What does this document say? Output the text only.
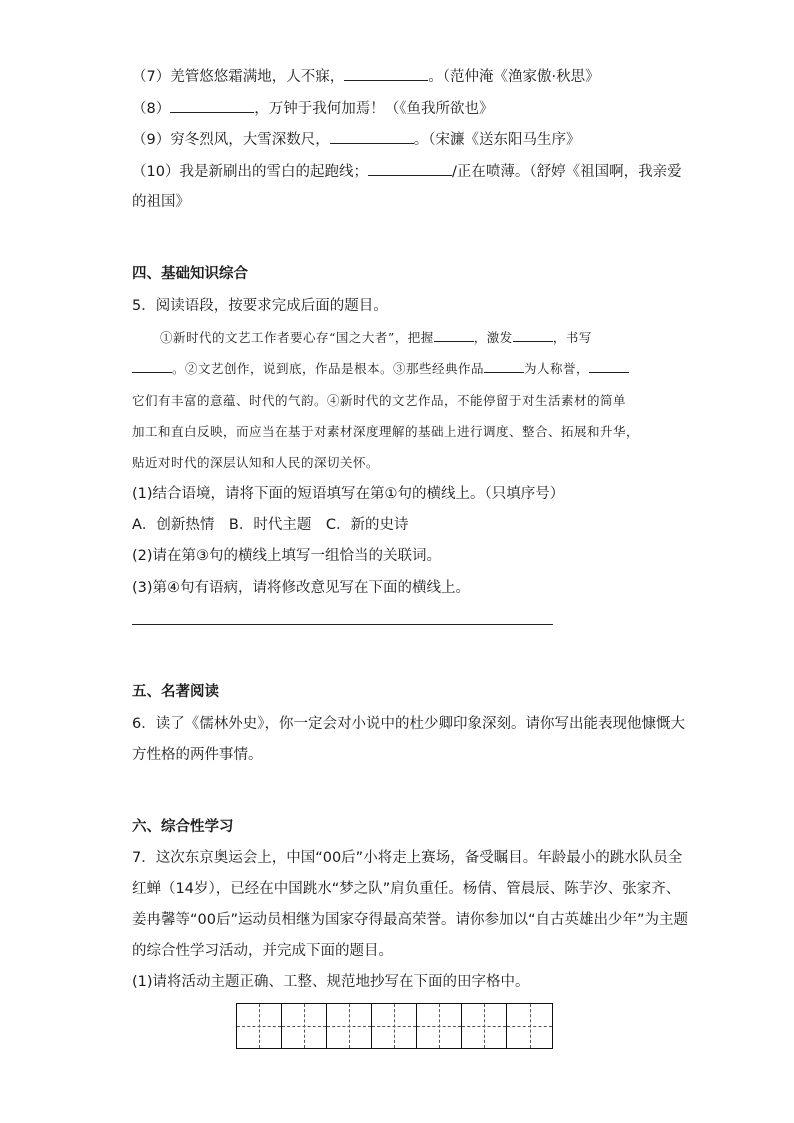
（7）羌管悠悠霜满地，人不寐，	。（范仲淹《渔家傲·秋思》
（8）	，万钟于我何加焉！（《鱼我所欲也》
（9）穷冬烈风，大雪深数尺，	。（宋濂《送东阳马生序》
（10）我是新刷出的雪白的起跑线；	/正在喷薄。（舒婷《祖国啊，我亲爱
的祖国》
四、基础知识综合
5．阅读语段，按要求完成后面的题目。
①新时代的文艺工作者要心存“国之大者”，把握	，激发	，书写
。②文艺创作，说到底，作品是根本。③那些经典作品	为人称誉，
它们有丰富的意蕴、时代的气韵。④新时代的文艺作品，不能停留于对生活素材的简单
加工和直白反映，而应当在基于对素材深度理解的基础上进行调度、整合、拓展和升华，
贴近对时代的深层认知和人民的深切关怀。
(1)结合语境，请将下面的短语填写在第①句的横线上。（只填序号）
A．创新热情　B．时代主题　C．新的史诗
(2)请在第③句的横线上填写一组恰当的关联词。
(3)第④句有语病，请将修改意见写在下面的横线上。
五、名著阅读
6．读了《儒林外史》，你一定会对小说中的杜少卿印象深刻。请你写出能表现他慷慨大
方性格的两件事情。
六、综合性学习
7．这次东京奥运会上，中国“00后”小将走上赛场，备受瞩目。年龄最小的跳水队员全
红蝉（14岁），已经在中国跳水“梦之队”肩负重任。杨倩、管晨辰、陈芋汐、张家齐、
姜冉馨等“00后”运动员相继为国家夺得最高荣誉。请你参加以“自古英雄出少年”为主题
的综合性学习活动，并完成下面的题目。
(1)请将活动主题正确、工整、规范地抄写在下面的田字格中。
